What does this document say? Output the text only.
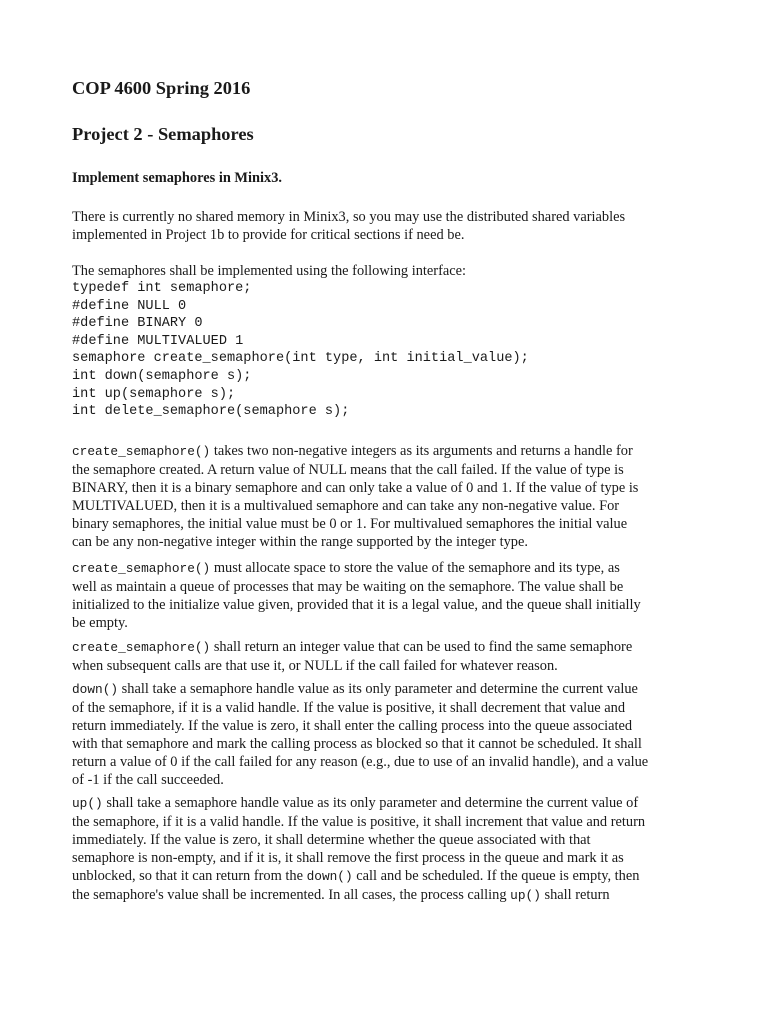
COP 4600 Spring 2016
Project 2 - Semaphores
Implement semaphores in Minix3.
There is currently no shared memory in Minix3, so you may use the distributed shared variables
implemented in Project 1b to provide for critical sections if need be.
The semaphores shall be implemented using the following interface:
typedef int semaphore;
#define NULL 0
#define BINARY 0
#define MULTIVALUED 1
semaphore create_semaphore(int type, int initial_value);
int down(semaphore s);
int up(semaphore s);
int delete_semaphore(semaphore s);
create_semaphore() takes two non-negative integers as its arguments and returns a handle for
the semaphore created. A return value of NULL means that the call failed. If the value of type is
BINARY, then it is a binary semaphore and can only take a value of 0 and 1. If the value of type is
MULTIVALUED, then it is a multivalued semaphore and can take any non-negative value. For
binary semaphores, the initial value must be 0 or 1. For multivalued semaphores the initial value
can be any non-negative integer within the range supported by the integer type.
create_semaphore() must allocate space to store the value of the semaphore and its type, as
well as maintain a queue of processes that may be waiting on the semaphore. The value shall be
initialized to the initialize value given, provided that it is a legal value, and the queue shall initially
be empty.
create_semaphore() shall return an integer value that can be used to find the same semaphore
when subsequent calls are that use it, or NULL if the call failed for whatever reason.
down() shall take a semaphore handle value as its only parameter and determine the current value
of the semaphore, if it is a valid handle. If the value is positive, it shall decrement that value and
return immediately. If the value is zero, it shall enter the calling process into the queue associated
with that semaphore and mark the calling process as blocked so that it cannot be scheduled. It shall
return a value of 0 if the call failed for any reason (e.g., due to use of an invalid handle), and a value
of -1 if the call succeeded.
up() shall take a semaphore handle value as its only parameter and determine the current value of
the semaphore, if it is a valid handle. If the value is positive, it shall increment that value and return
immediately. If the value is zero, it shall determine whether the queue associated with that
semaphore is non-empty, and if it is, it shall remove the first process in the queue and mark it as
unblocked, so that it can return from the down() call and be scheduled. If the queue is empty, then
the semaphore's value shall be incremented. In all cases, the process calling up() shall return
